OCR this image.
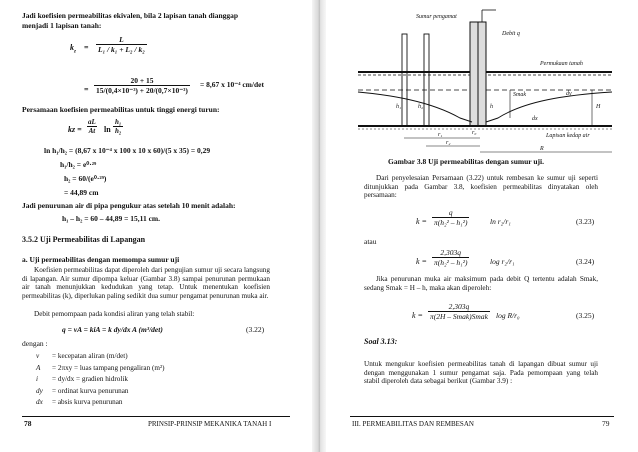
Jadi koefisien permeabilitas ekivalen, bila 2 lapisan tanah dianggap
menjadi 1 lapisan tanah:
$k_z$
= $\frac{L}{\text{L₁ / k₁ + L₂ / k₂}}$
= $\frac{20 + 15}{\text{15/(0,4×10⁻³) + 20/(0,7×10⁻³)}} = 8,67$ x 10⁻⁴ cm/det
Persamaan koefisien permeabilitas untuk tinggi energi turun:
kz = $\frac{aL}{At}$ $\ln \frac{\text{h₁}}{\text{h₂}}$
ln h₁/h₂ = (8,67 x 10⁻⁴ x 100 x 10 x 60)/(5 x 35) = 0,29
h₁/h₂ = e⁰·²⁹
h₂ = 60/(e⁰·²⁹)
= 44,89 cm
Jadi penurunan air di pipa pengukur atas setelah 10 menit adalah:
h₁ – h₂ = 60 – 44,89 = 15,11 cm.
3.5.2 Uji Permeabilitas di Lapangan
a. Uji permeabilitas dengan memompa sumur uji
Koefisien permeabilitas dapat diperoleh dari pengujian sumur uji secara langsung di lapangan. Air sumur dipompa keluar (Gambar 3.8) sampai penurunan permukaan air tanah menunjukkan kedudukan yang tetap. Untuk menentukan koefisien permeabilitas (k), diperlukan paling sedikit dua sumur pengamat penurunan muka air.
Debit pemompaan pada kondisi aliran yang telah stabil:
q = vA = kiA = k dy/dx A (m³/det)	(3.22)
dengan :
v = kecepatan aliran (m/det)
A = 2πxy = luas tampang pengaliran (m²)
i = dy/dx = gradien hidrolik
dy = ordinat kurva penurunan
dx = absis kurva penurunan
78	PRINSIP-PRINSIP MEKANIKA TANAH I
Sumur pengamat
Debit q
Permukaan tanah
Lapisan kedap air
h₁	h₂	h	H
Smak	dy
dx
r₁
r₂
R
r₀
Gambar 3.8 Uji permeabilitas dengan sumur uji.
Dari penyelesaian Persamaan (3.22) untuk rembesan ke sumur uji seperti ditunjukkan pada Gambar 3.8, koefisien permeabilitas dinyatakan oleh persamaan:
$k = \frac{q}{\text{π(h₂² – h₁²)}}$	ln r₂/r₁	(3.23)
atau
$k = \frac{2,303q}{\text{π(h₂² – h₁²)}}$	log r₂/r₁	(3.24)
Jika penurunan muka air maksimum pada debit Q tertentu adalah Smak, sedang Smak = H – h, maka akan diperoleh:
k =
2,303q
π(2H – Smak)Smak log R/r₀	(3.25)
Soal 3.13:
Untuk mengukur koefisien permeabilitas tanah di lapangan dibuat sumur uji dengan menggunakan 1 sumur pengamat saja. Pada pemompaan yang telah stabil diperoleh data sebagai berikut (Gambar 3.9) :
III. PERMEABILITAS DAN REMBESAN	79
